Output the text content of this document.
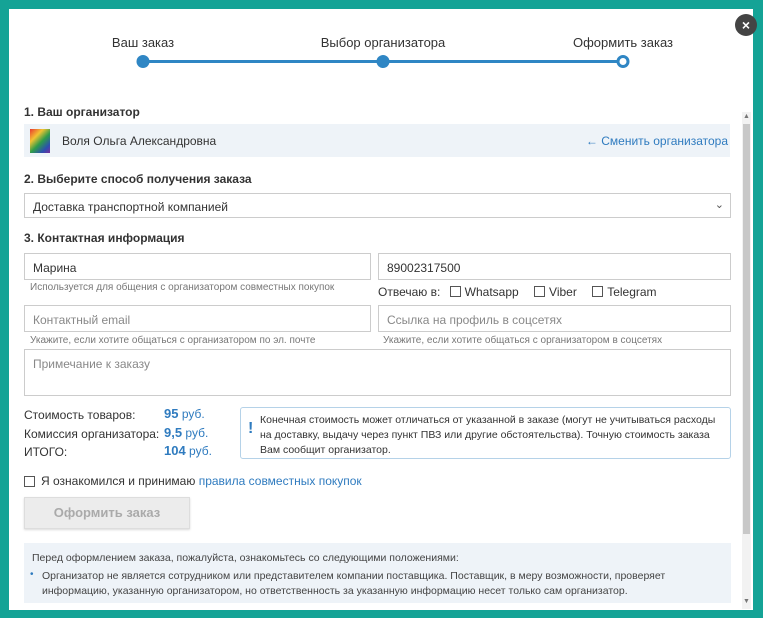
Ваш заказ	Выбор организатора	Оформить заказ
▲
▼
×
1. Ваш организатор
Воля Ольга Александровна	← Сменить организатора
2. Выберите способ получения заказа
Доставка транспортной компанией	⌄
3. Контактная информация
Марина
Используется для общения с организатором совместных покупок
89002317500
Отвечаю в: Whatsapp	Viber	Telegram
Контактный email
Укажите, если хотите общаться с организатором по эл. почте
Ссылка на профиль в соцсетях
Укажите, если хотите общаться с организатором в соцсетях
Примечание к заказу
Стоимость товаров: 95 руб.
Комиссия организатора: 9,5 руб.
ИТОГО:	104 руб.
! Конечная стоимость может отличаться от указанной в заказе (могут не учитываться расходы на доставку, выдачу через пункт ПВЗ или другие обстоятельства). Точную стоимость заказа Вам сообщит организатор.
Я ознакомился и принимаю правила совместных покупок
Оформить заказ
Перед оформлением заказа, пожалуйста, ознакомьтесь со следующими положениями:
• Организатор не является сотрудником или представителем компании поставщика. Поставщик, в меру возможности, проверяет информацию, указанную организатором, но ответственность за указанную информацию несет только сам организатор.
